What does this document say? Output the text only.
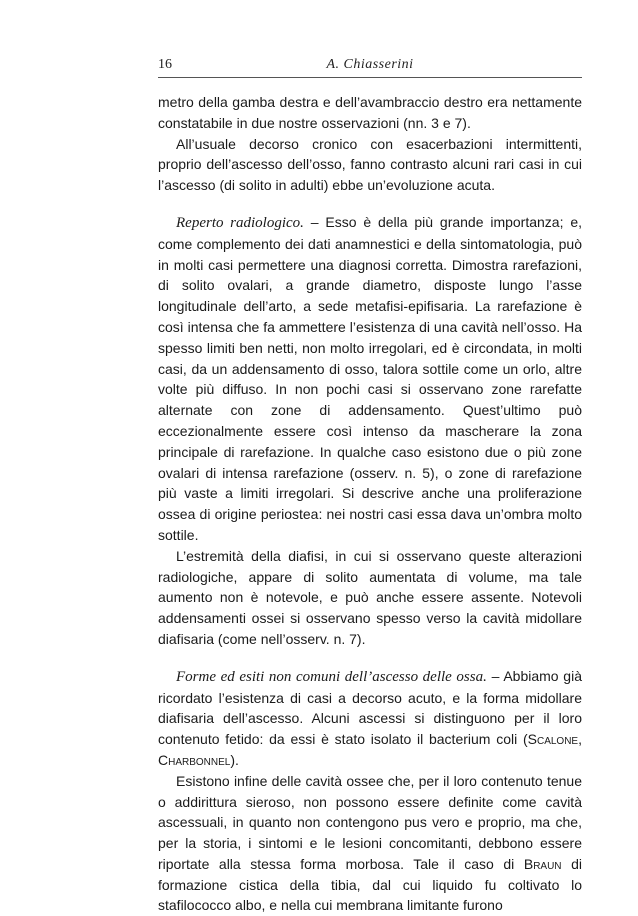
16	A. Chiasserini

metro della gamba destra e dell’avambraccio destro era nettamente constatabile in due nostre osservazioni (nn. 3 e 7).

All’usuale decorso cronico con esacerbazioni intermittenti, proprio dell’ascesso dell’osso, fanno contrasto alcuni rari casi in cui l’ascesso (di solito in adulti) ebbe un’evoluzione acuta.

Reperto radiologico. – Esso è della più grande importanza; e, come complemento dei dati anamnestici e della sintomatologia, può in molti casi permettere una diagnosi corretta. Dimostra rarefazioni, di solito ovalari, a grande diametro, disposte lungo l’asse longitudinale dell’arto, a sede metafisi-epifisaria. La rarefazione è così intensa che fa ammettere l’esistenza di una cavità nell’osso. Ha spesso limiti ben netti, non molto irregolari, ed è circondata, in molti casi, da un addensamento di osso, talora sottile come un orlo, altre volte più diffuso. In non pochi casi si osservano zone rarefatte alternate con zone di addensamento. Quest’ultimo può eccezionalmente essere così intenso da mascherare la zona principale di rarefazione. In qualche caso esistono due o più zone ovalari di intensa rarefazione (osserv. n. 5), o zone di rarefazione più vaste a limiti irregolari. Si descrive anche una proliferazione ossea di origine periostea: nei nostri casi essa dava un’ombra molto sottile.

L’estremità della diafisi, in cui si osservano queste alterazioni radiologiche, appare di solito aumentata di volume, ma tale aumento non è notevole, e può anche essere assente. Notevoli addensamenti ossei si osservano spesso verso la cavità midollare diafisaria (come nell’osserv. n. 7).

Forme ed esiti non comuni dell’ascesso delle ossa. – Abbiamo già ricordato l’esistenza di casi a decorso acuto, e la forma midollare diafisaria dell’ascesso. Alcuni ascessi si distinguono per il loro contenuto fetido: da essi è stato isolato il bacterium coli (Scalone, Charbonnel).

Esistono infine delle cavità ossee che, per il loro contenuto tenue o addirittura sieroso, non possono essere definite come cavità ascessuali, in quanto non contengono pus vero e proprio, ma che, per la storia, i sintomi e le lesioni concomitanti, debbono essere riportate alla stessa forma morbosa. Tale il caso di Braun di formazione cistica della tibia, dal cui liquido fu coltivato lo stafilococco albo, e nella cui membrana limitante furono
